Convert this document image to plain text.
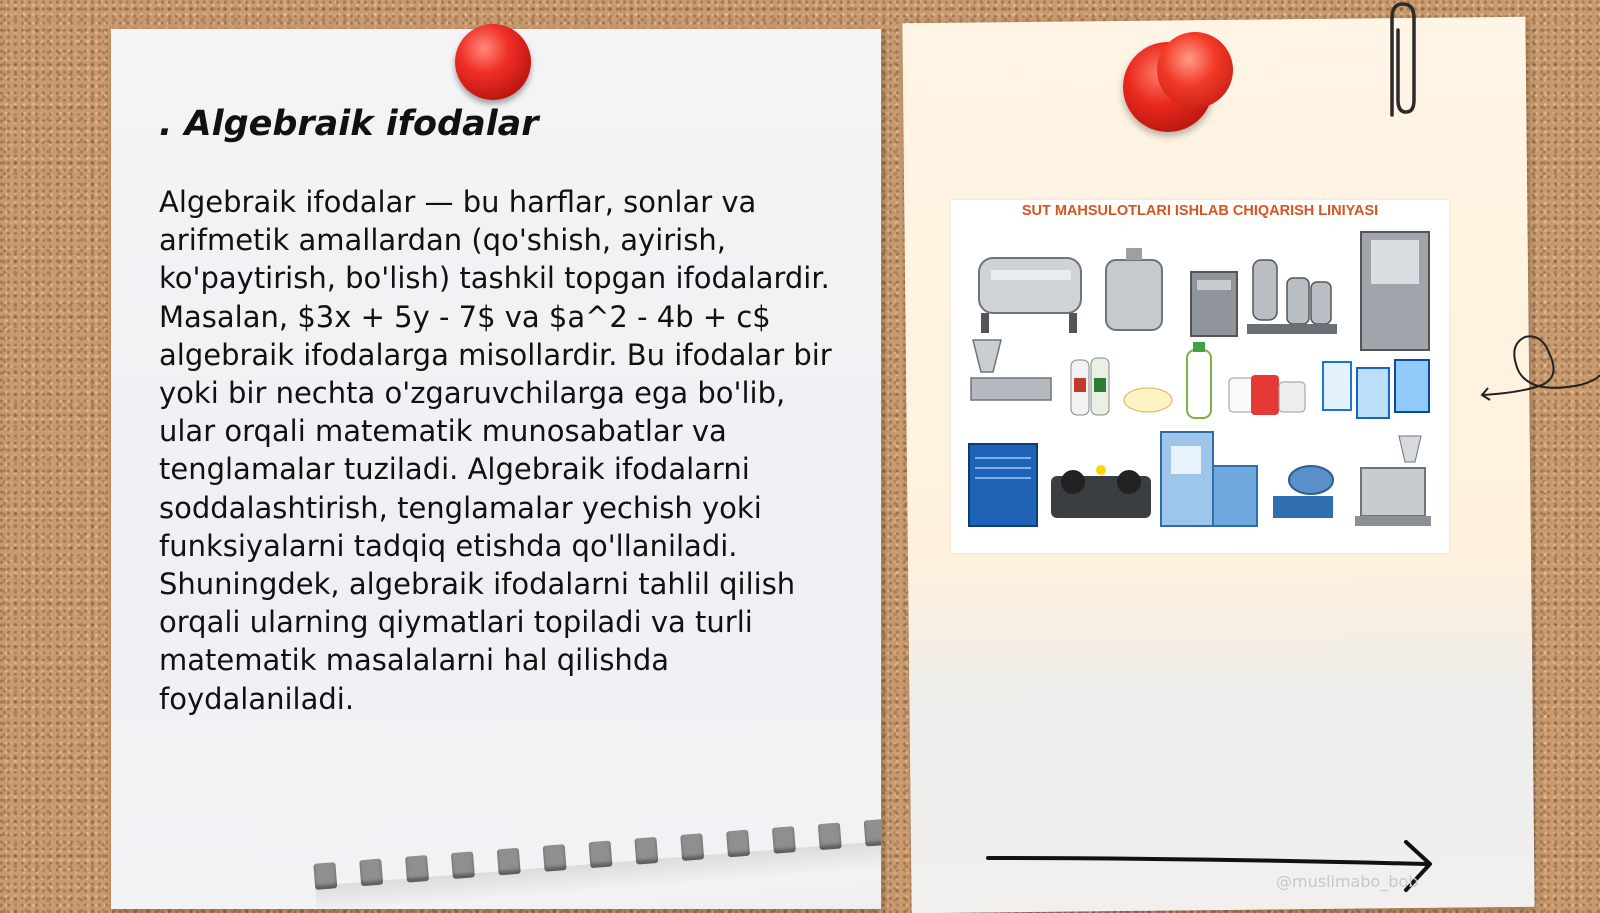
. Algebraik ifodalar

Algebraik ifodalar — bu harflar, sonlar va arifmetik amallardan (qo'shish, ayirish, ko'paytirish, bo'lish) tashkil topgan ifodalardir. Masalan, $3x + 5y - 7$ va $a^2 - 4b + c$ algebraik ifodalarga misollardir. Bu ifodalar bir yoki bir nechta o'zgaruvchilarga ega bo'lib, ular orqali matematik munosabatlar va tenglamalar tuziladi. Algebraik ifodalarni soddalashtirish, tenglamalar yechish yoki funksiyalarni tadqiq etishda qo'llaniladi. Shuningdek, algebraik ifodalarni tahlil qilish orqali ularning qiymatlari topiladi va turli matematik masalalarni hal qilishda foydalaniladi.

SUT MAHSULOTLARI ISHLAB CHIQARISH LINIYASI

@muslimabo_bob
